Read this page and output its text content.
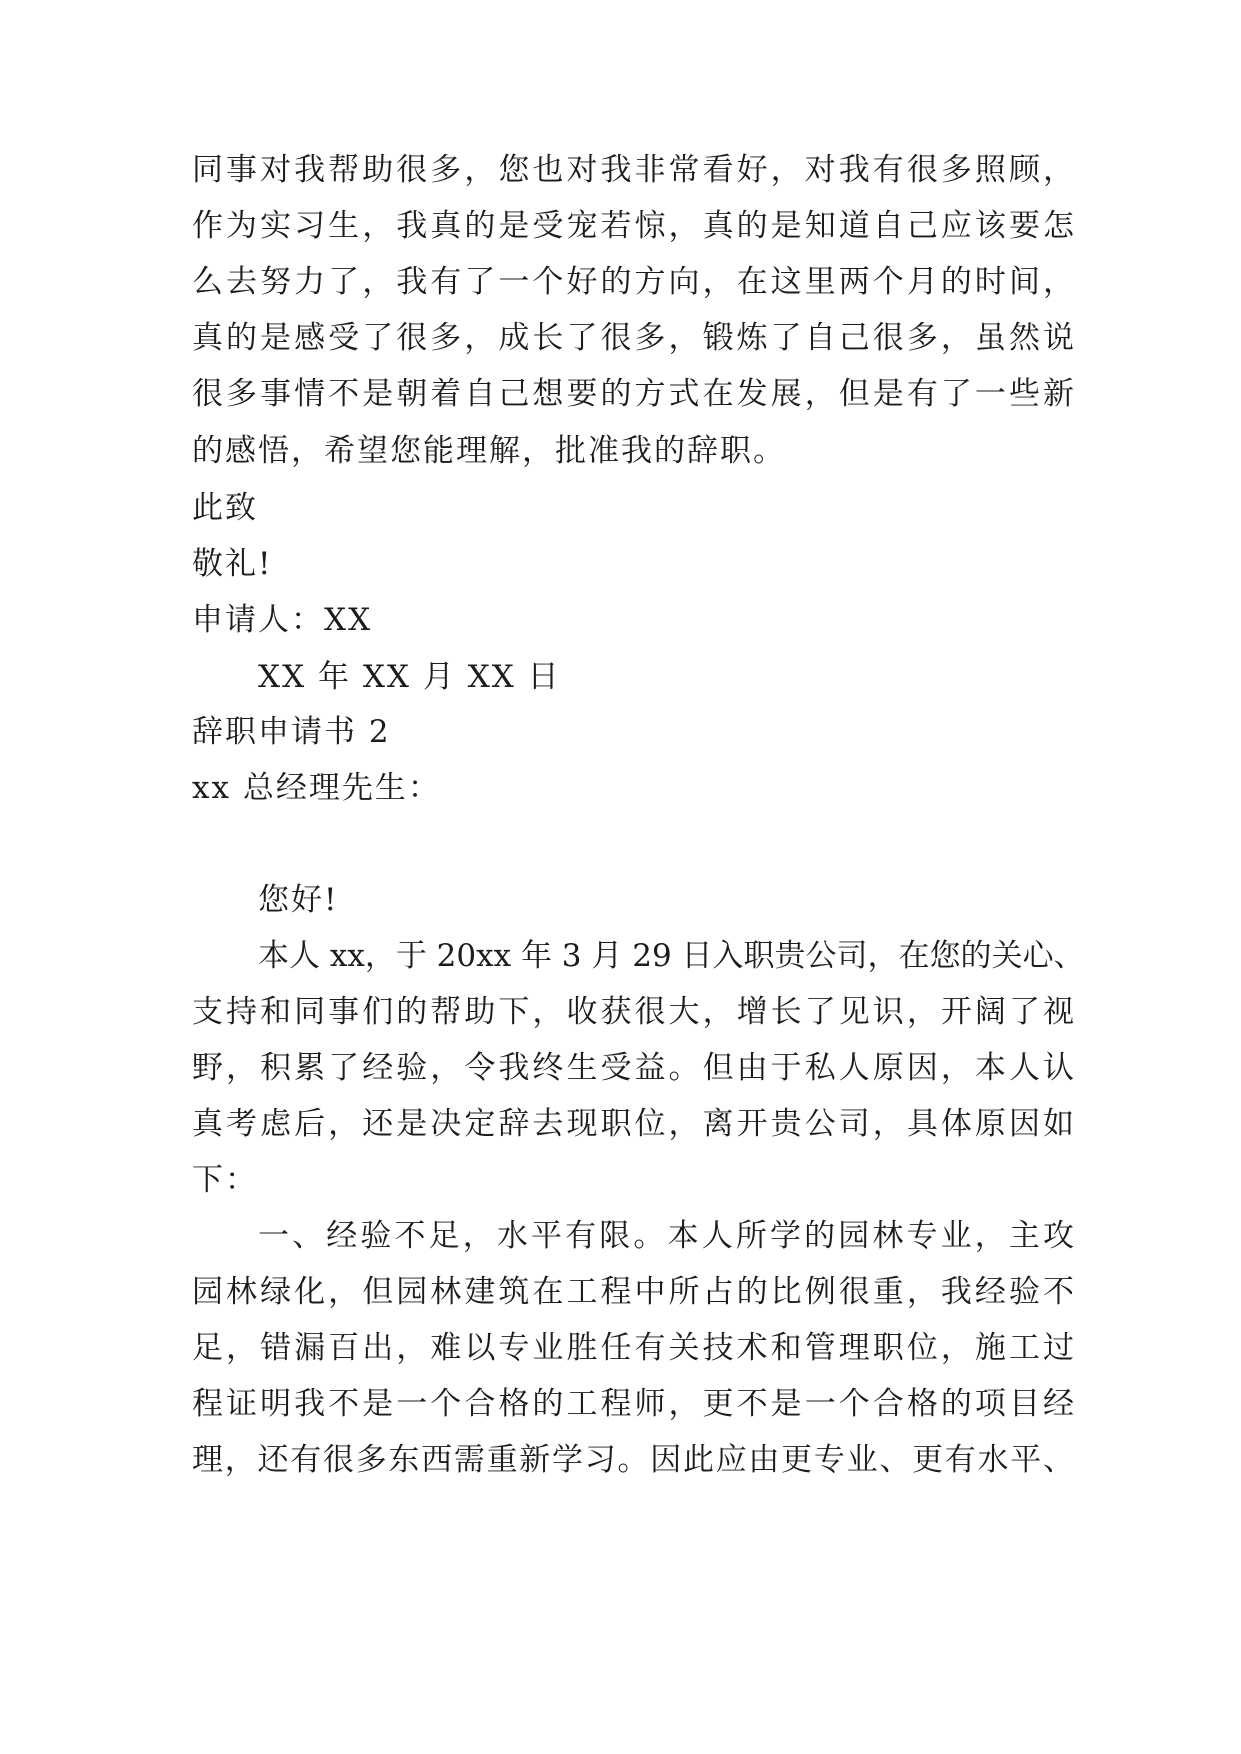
同事对我帮助很多，您也对我非常看好，对我有很多照顾，
作为实习生，我真的是受宠若惊，真的是知道自己应该要怎
么去努力了，我有了一个好的方向，在这里两个月的时间，
真的是感受了很多，成长了很多，锻炼了自己很多，虽然说
很多事情不是朝着自己想要的方式在发展，但是有了一些新
的感悟，希望您能理解，批准我的辞职。
此致
敬礼!
申请人：XX
XX 年 XX 月 XX 日
辞职申请书 2
xx 总经理先生：
您好!
本人 xx，于 20xx 年 3 月 29 日入职贵公司，在您的关心、
支持和同事们的帮助下，收获很大，增长了见识，开阔了视
野，积累了经验，令我终生受益。但由于私人原因，本人认
真考虑后，还是决定辞去现职位，离开贵公司，具体原因如
下：
一、经验不足，水平有限。本人所学的园林专业，主攻
园林绿化，但园林建筑在工程中所占的比例很重，我经验不
足，错漏百出，难以专业胜任有关技术和管理职位，施工过
程证明我不是一个合格的工程师，更不是一个合格的项目经
理，还有很多东西需重新学习。因此应由更专业、更有水平、
